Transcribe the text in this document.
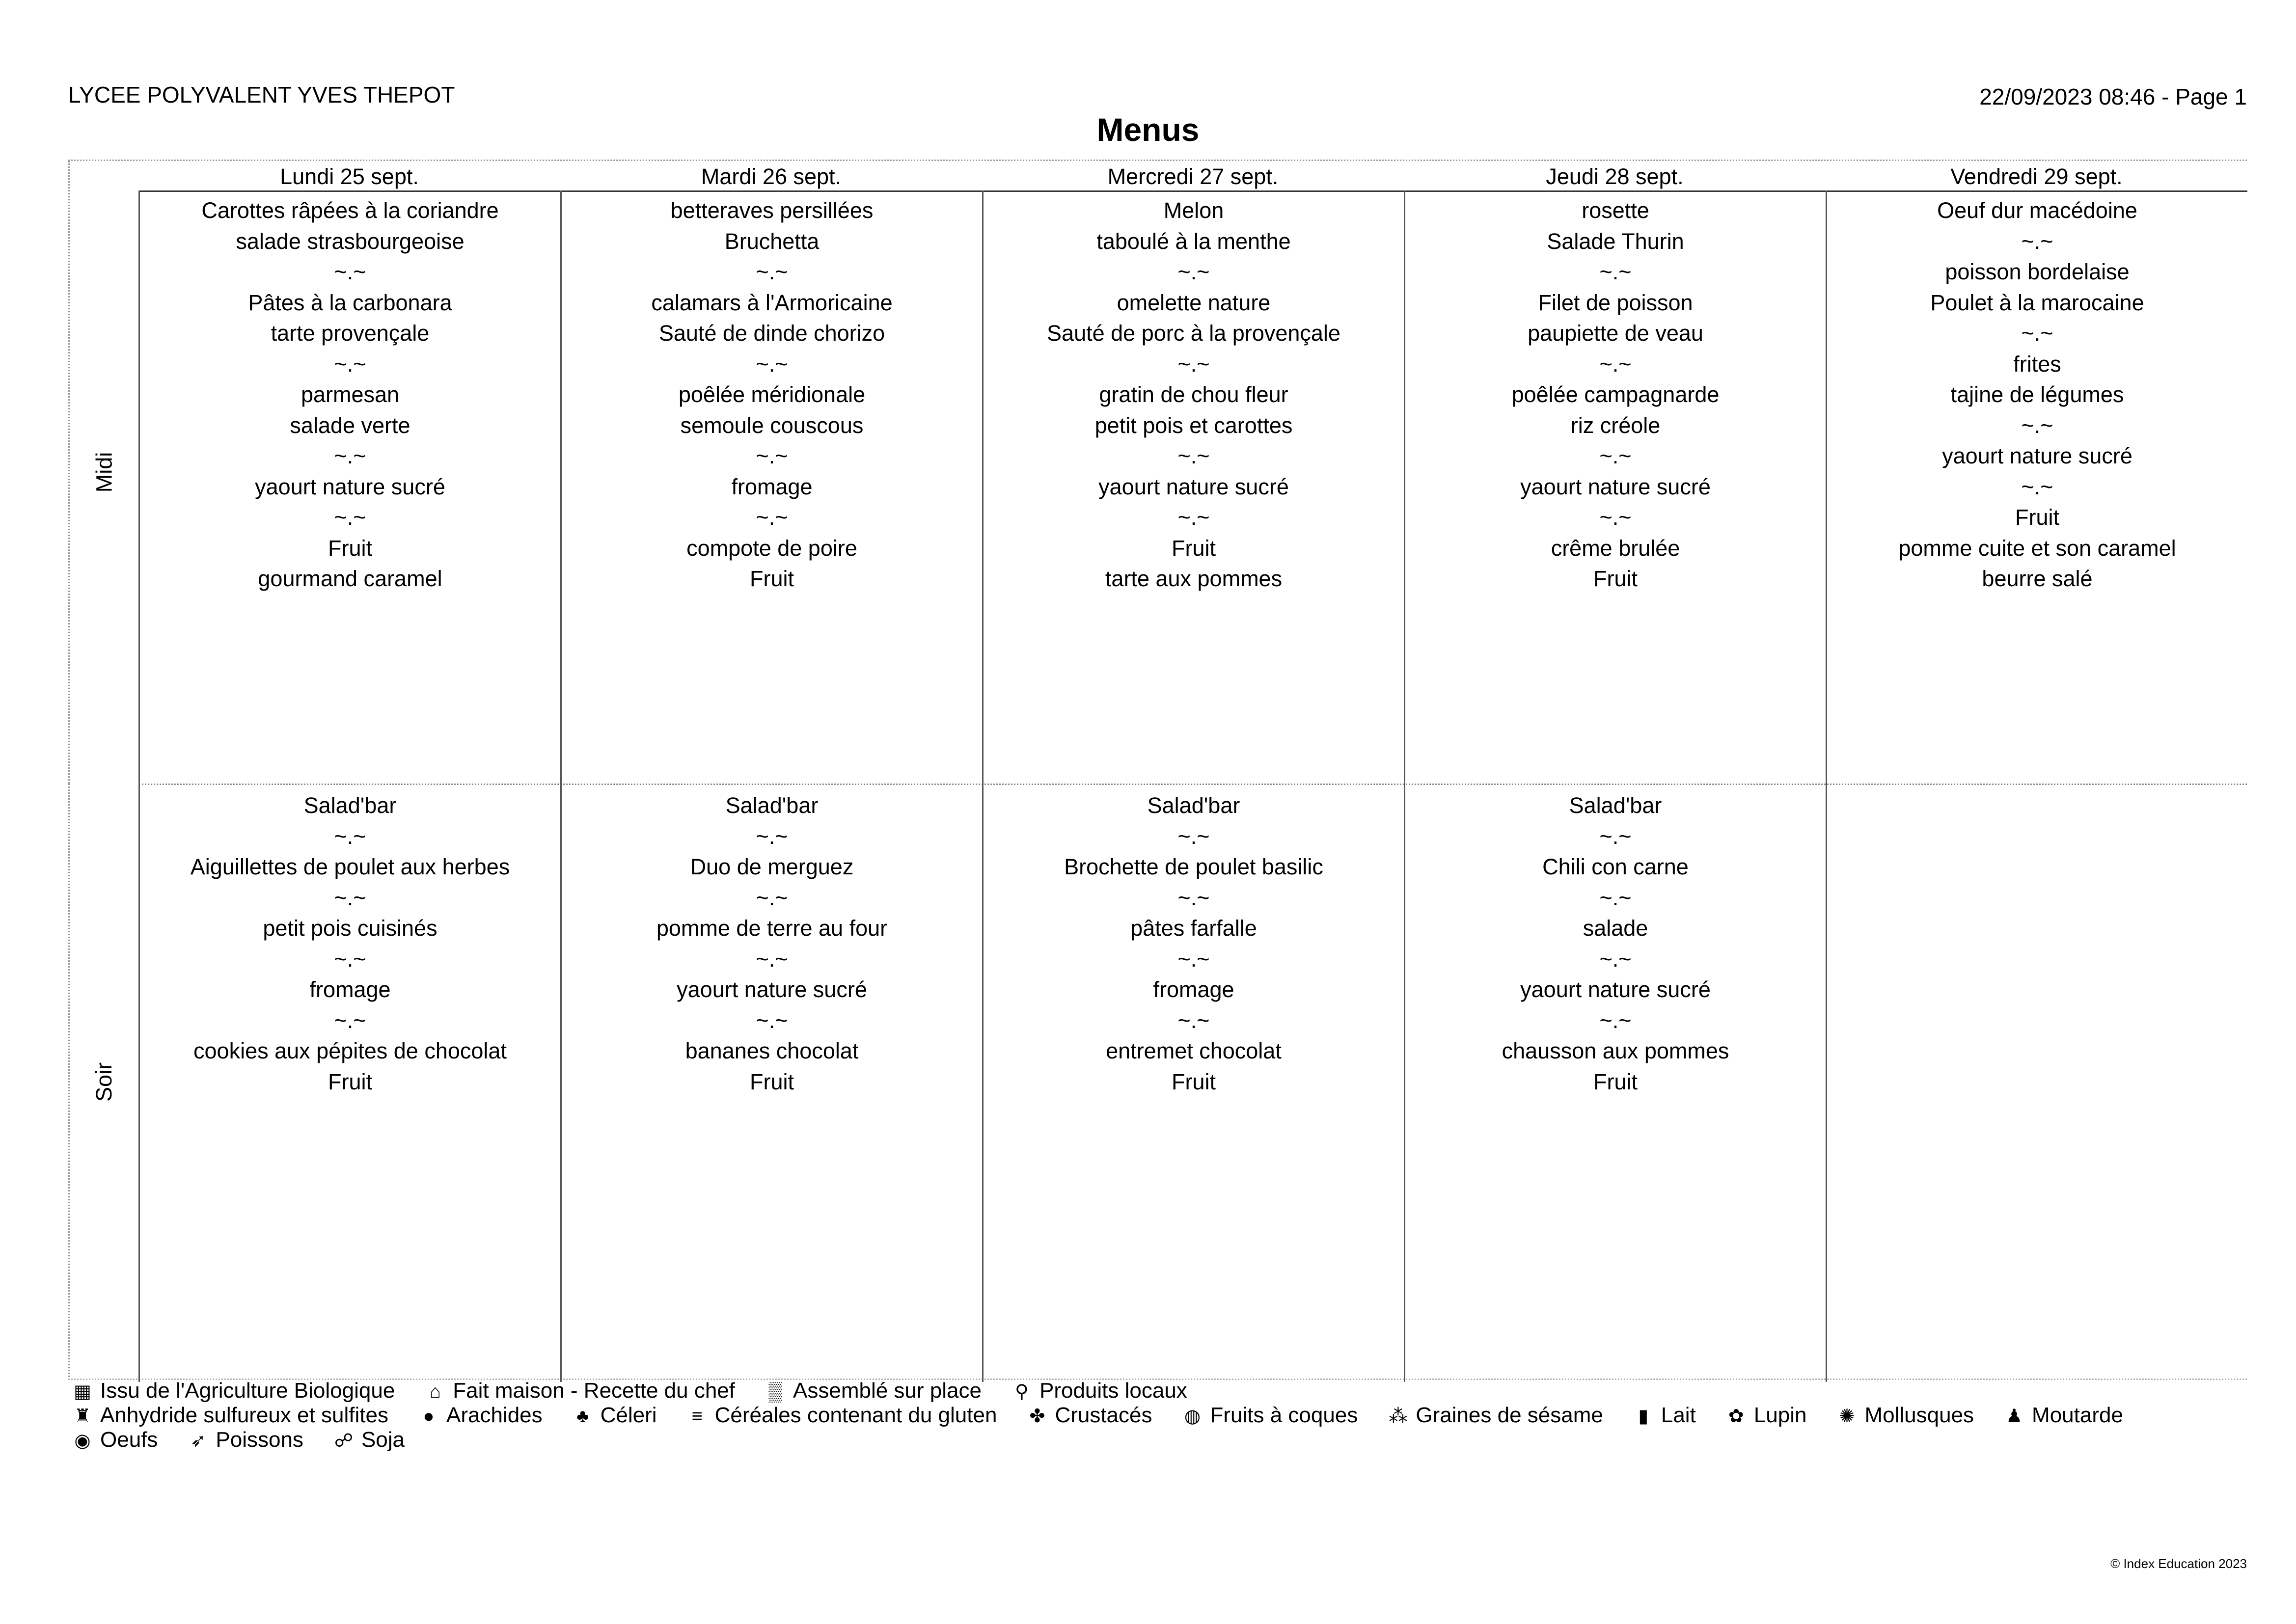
LYCEE POLYVALENT YVES THEPOT	22/09/2023 08:46 - Page 1
Menus
Midi
Soir
Lundi 25 sept.
Carottes râpées à la coriandre
salade strasbourgeoise
~.~
Pâtes à la carbonara
tarte provençale
~.~
parmesan
salade verte
~.~
yaourt nature sucré
~.~
Fruit
gourmand caramel
Salad'bar
~.~
Aiguillettes de poulet aux herbes
~.~
petit pois cuisinés
~.~
fromage
~.~
cookies aux pépites de chocolat
Fruit
Mardi 26 sept.
betteraves persillées
Bruchetta
~.~
calamars à l'Armoricaine
Sauté de dinde chorizo
~.~
poêlée méridionale
semoule couscous
~.~
fromage
~.~
compote de poire
Fruit
Salad'bar
~.~
Duo de merguez
~.~
pomme de terre au four
~.~
yaourt nature sucré
~.~
bananes chocolat
Fruit
Mercredi 27 sept.
Melon
taboulé à la menthe
~.~
omelette nature
Sauté de porc à la provençale
~.~
gratin de chou fleur
petit pois et carottes
~.~
yaourt nature sucré
~.~
Fruit
tarte aux pommes
Salad'bar
~.~
Brochette de poulet basilic
~.~
pâtes farfalle
~.~
fromage
~.~
entremet chocolat
Fruit
Jeudi 28 sept.
rosette
Salade Thurin
~.~
Filet de poisson
paupiette de veau
~.~
poêlée campagnarde
riz créole
~.~
yaourt nature sucré
~.~
crême brulée
Fruit
Salad'bar
~.~
Chili con carne
~.~
salade
~.~
yaourt nature sucré
~.~
chausson aux pommes
Fruit
Vendredi 29 sept.
Oeuf dur macédoine
~.~
poisson bordelaise
Poulet à la marocaine
~.~
frites
tajine de légumes
~.~
yaourt nature sucré
~.~
Fruit
pomme cuite et son caramel
beurre salé
▦ Issu de l'Agriculture Biologique ⌂ Fait maison - Recette du chef ▒ Assemblé sur place ⚲ Produits locaux
♜ Anhydride sulfureux et sulfites ● Arachides ♣ Céleri ≡ Céréales contenant du gluten ✤ Crustacés ◍ Fruits à coques ⁂ Graines de sésame ▮ Lait ✿ Lupin ✺ Mollusques ♟ Moutarde
◉ Oeufs ➶ Poissons ☍ Soja
© Index Education 2023
